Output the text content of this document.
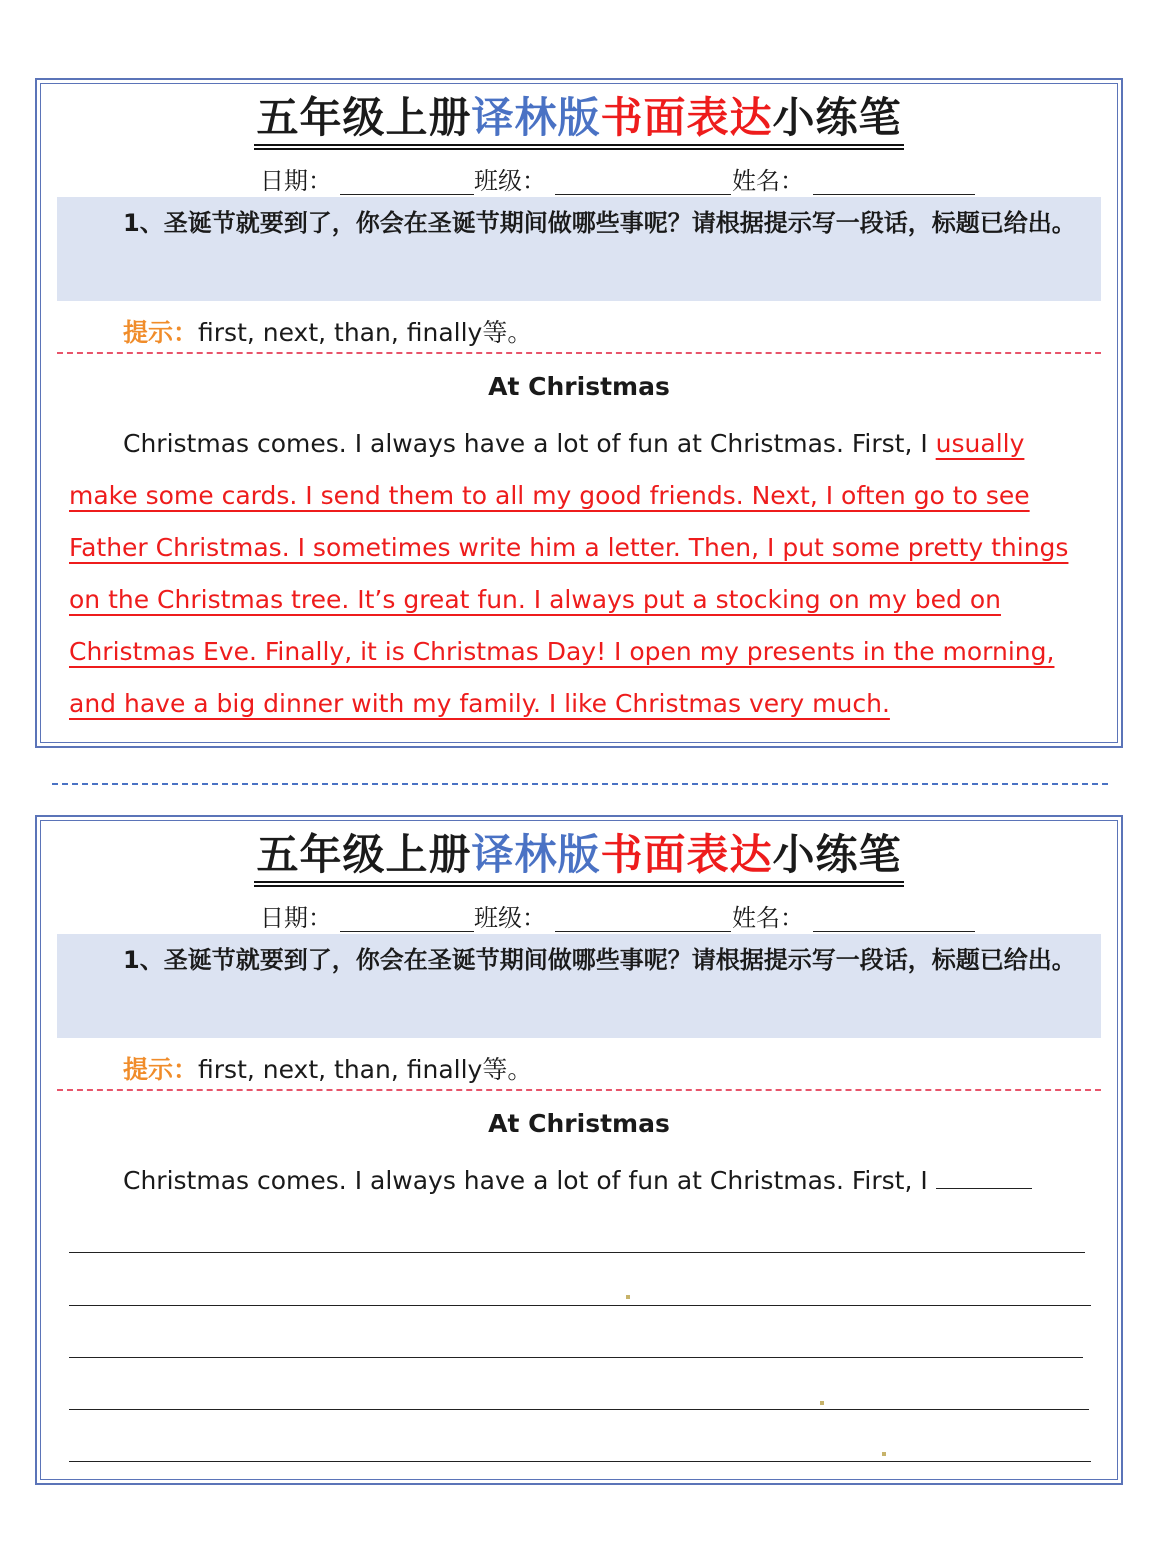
五年级上册译林版书面表达小练笔
日期：	班级：	姓名：

1、圣诞节就要到了，你会在圣诞节期间做哪些事呢？请根据提示写一段话，标题已给出。

提示：first, next, than, finally等。
At Christmas

Christmas comes. I always have a lot of fun at Christmas. First, I usually make some cards. I send them to all my good friends. Next, I often go to see Father Christmas. I sometimes write him a letter. Then, I put some pretty things on the Christmas tree. It’s great fun. I always put a stocking on my bed on Christmas Eve. Finally, it is Christmas Day! I open my presents in the morning, and have a big dinner with my family. I like Christmas very much.

五年级上册译林版书面表达小练笔
日期：	班级：	姓名：

1、圣诞节就要到了，你会在圣诞节期间做哪些事呢？请根据提示写一段话，标题已给出。

提示：first, next, than, finally等。
At Christmas

Christmas comes. I always have a lot of fun at Christmas. First, I
